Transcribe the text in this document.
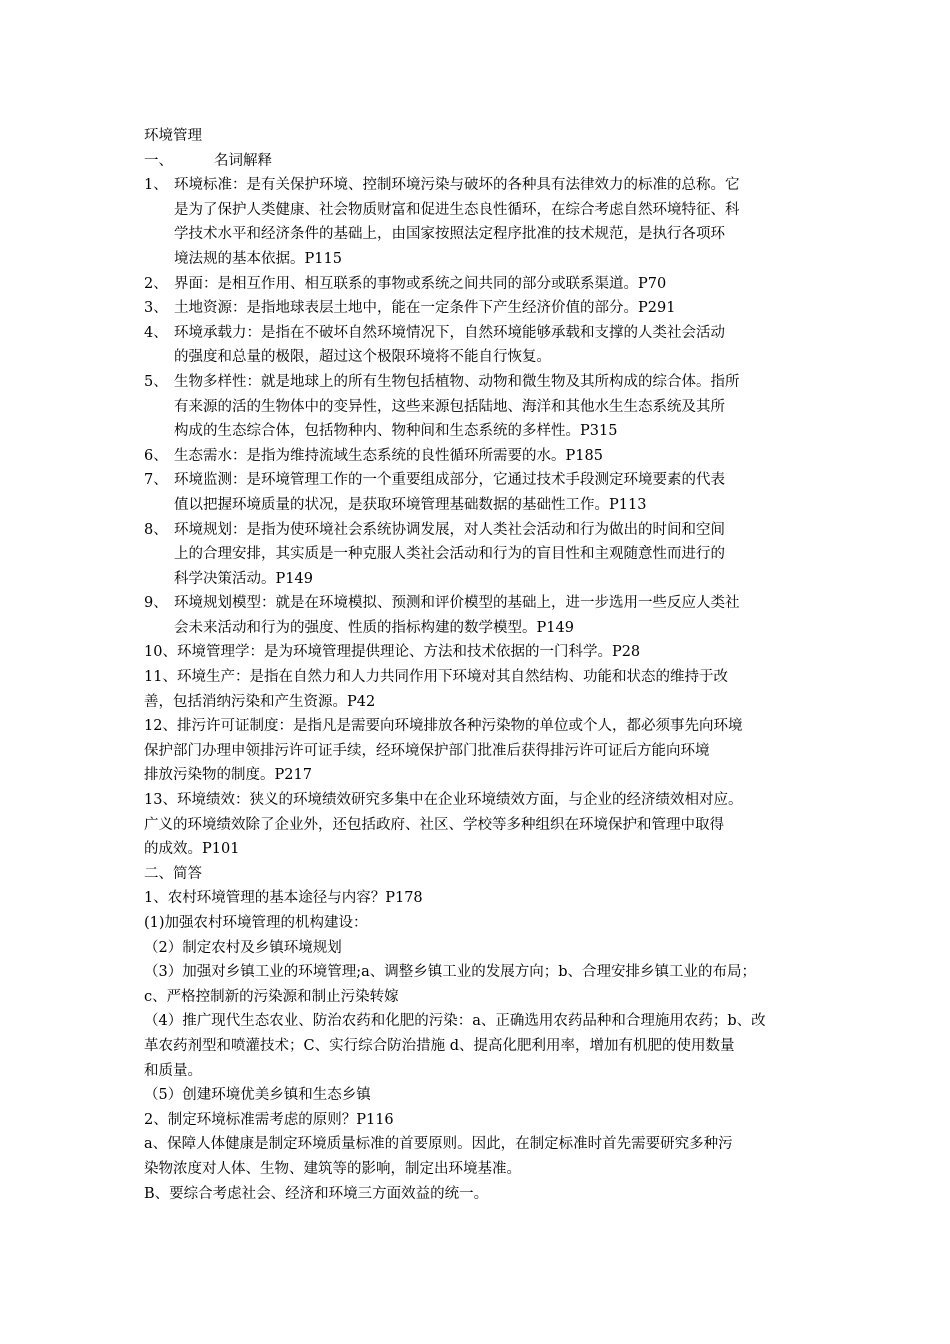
环境管理
一、	名词解释
1、 环境标准：是有关保护环境、控制环境污染与破坏的各种具有法律效力的标准的总称。它
是为了保护人类健康、社会物质财富和促进生态良性循环，在综合考虑自然环境特征、科
学技术水平和经济条件的基础上，由国家按照法定程序批准的技术规范，是执行各项环
境法规的基本依据。P115
2、 界面：是相互作用、相互联系的事物或系统之间共同的部分或联系渠道。P70
3、 土地资源：是指地球表层土地中，能在一定条件下产生经济价值的部分。P291
4、 环境承载力：是指在不破坏自然环境情况下，自然环境能够承载和支撑的人类社会活动
的强度和总量的极限，超过这个极限环境将不能自行恢复。
5、 生物多样性：就是地球上的所有生物包括植物、动物和微生物及其所构成的综合体。指所
有来源的活的生物体中的变异性，这些来源包括陆地、海洋和其他水生生态系统及其所
构成的生态综合体，包括物种内、物种间和生态系统的多样性。P315
6、 生态需水：是指为维持流域生态系统的良性循环所需要的水。P185
7、 环境监测：是环境管理工作的一个重要组成部分，它通过技术手段测定环境要素的代表
值以把握环境质量的状况，是获取环境管理基础数据的基础性工作。P113
8、 环境规划：是指为使环境社会系统协调发展，对人类社会活动和行为做出的时间和空间
上的合理安排，其实质是一种克服人类社会活动和行为的盲目性和主观随意性而进行的
科学决策活动。P149
9、 环境规划模型：就是在环境模拟、预测和评价模型的基础上，进一步选用一些反应人类社
会未来活动和行为的强度、性质的指标构建的数学模型。P149
10、环境管理学：是为环境管理提供理论、方法和技术依据的一门科学。P28
11、环境生产：是指在自然力和人力共同作用下环境对其自然结构、功能和状态的维持于改
善，包括消纳污染和产生资源。P42
12、排污许可证制度：是指凡是需要向环境排放各种污染物的单位或个人，都必须事先向环境
保护部门办理申领排污许可证手续，经环境保护部门批准后获得排污许可证后方能向环境
排放污染物的制度。P217
13、环境绩效：狭义的环境绩效研究多集中在企业环境绩效方面，与企业的经济绩效相对应。
广义的环境绩效除了企业外，还包括政府、社区、学校等多种组织在环境保护和管理中取得
的成效。P101
二、简答
1、农村环境管理的基本途径与内容？P178
(1)加强农村环境管理的机构建设：
（2）制定农村及乡镇环境规划
（3）加强对乡镇工业的环境管理;a、调整乡镇工业的发展方向；b、合理安排乡镇工业的布局；
c、严格控制新的污染源和制止污染转嫁
（4）推广现代生态农业、防治农药和化肥的污染：a、正确选用农药品种和合理施用农药；b、改
革农药剂型和喷灌技术；C、实行综合防治措施 d、提高化肥利用率，增加有机肥的使用数量
和质量。
（5）创建环境优美乡镇和生态乡镇
2、制定环境标准需考虑的原则？P116
a、保障人体健康是制定环境质量标准的首要原则。因此，在制定标准时首先需要研究多种污
染物浓度对人体、生物、建筑等的影响，制定出环境基准。
B、要综合考虑社会、经济和环境三方面效益的统一。
